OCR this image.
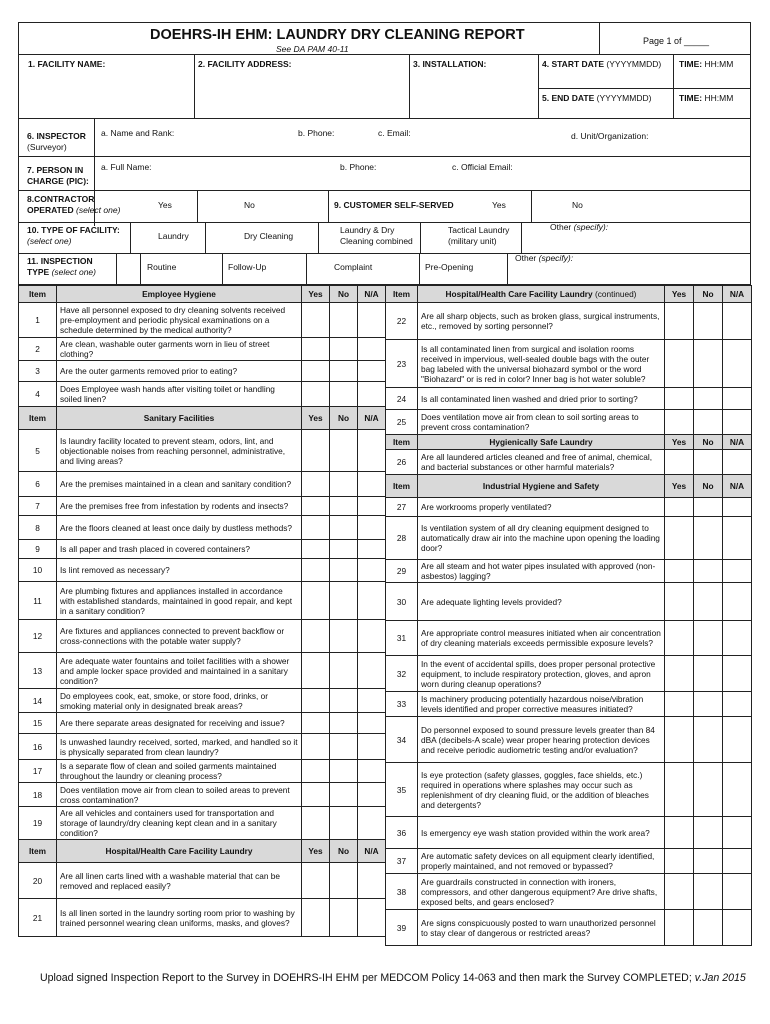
DOEHRS-IH EHM: LAUNDRY DRY CLEANING REPORT
See DA PAM 40-11
Page 1 of _____
1. FACILITY NAME:	2. FACILITY ADDRESS:	3. INSTALLATION:	4. START DATE (YYYYMMDD) TIME: HH:MM
5. END DATE (YYYYMMDD)	TIME: HH:MM
6. INSPECTOR
(Surveyor)
a. Name and Rank:	b. Phone:	c. Email:	d. Unit/Organization:
7. PERSON IN
CHARGE (PIC):
a. Full Name:	b. Phone:	c. Official Email:
8.CONTRACTOR
OPERATED (select one)	Yes	No	9. CUSTOMER SELF-SERVED	Yes	No
10. TYPE OF FACILITY:
(select one)	Laundry	Dry Cleaning
Laundry & Dry
Cleaning combined
Tactical Laundry
(military unit)
Other (specify):
11. INSPECTION
TYPE (select one)	Routine	Follow-Up	Complaint	Pre-Opening
Other (specify):
Item	Employee Hygiene	Yes	No	N/A
1	Have all personnel exposed to dry cleaning solvents received pre-employment and periodic physical examinations on a schedule determined by the medical authority?			
2	Are clean, washable outer garments worn in lieu of street clothing?			
3	Are the outer garments removed prior to eating?			
4	Does Employee wash hands after visiting toilet or handling soiled linen?			
Item	Sanitary Facilities	Yes	No	N/A
5	Is laundry facility located to prevent steam, odors, lint, and objectionable noises from reaching personnel, administrative, and living areas?			
6	Are the premises maintained in a clean and sanitary condition?			
7	Are the premises free from infestation by rodents and insects?			
8	Are the floors cleaned at least once daily by dustless methods?			
9	Is all paper and trash placed in covered containers?			
10	Is lint removed as necessary?			
11	Are plumbing fixtures and appliances installed in accordance with established standards, maintained in good repair, and kept in a sanitary condition?			
12	Are fixtures and appliances connected to prevent backflow or cross-connections with the potable water supply?			
13	Are adequate water fountains and toilet facilities with a shower and ample locker space provided and maintained in a sanitary condition?			
14	Do employees cook, eat, smoke, or store food, drinks, or smoking material only in designated break areas?			
15	Are there separate areas designated for receiving and issue?			
16	Is unwashed laundry received, sorted, marked, and handled so it is physically separated from clean laundry?			
17	Is a separate flow of clean and soiled garments maintained throughout the laundry or cleaning process?			
18	Does ventilation move air from clean to soiled areas to prevent cross contamination?			
19	Are all vehicles and containers used for transportation and storage of laundry/dry cleaning kept clean and in a sanitary condition?			
Item	Hospital/Health Care Facility Laundry	Yes	No	N/A
20	Are all linen carts lined with a washable material that can be removed and replaced easily?			
21	Is all linen sorted in the laundry sorting room prior to washing by trained personnel wearing clean uniforms, masks, and gloves?			
Item	Hospital/Health Care Facility Laundry (continued)	Yes	No	N/A
22	Are all sharp objects, such as broken glass, surgical instruments, etc., removed by sorting personnel?			
23	Is all contaminated linen from surgical and isolation rooms received in impervious, well-sealed double bags with the outer bag labeled with the universal biohazard symbol or the word "Biohazard" or is red in color? Inner bag is hot water soluble?			
24	Is all contaminated linen washed and dried prior to sorting?			
25	Does ventilation move air from clean to soil sorting areas to prevent cross contamination?			
Item	Hygienically Safe Laundry	Yes	No	N/A
26	Are all laundered articles cleaned and free of animal, chemical, and bacterial substances or other harmful materials?			
Item	Industrial Hygiene and Safety	Yes	No	N/A
27	Are workrooms properly ventilated?			
28	Is ventilation system of all dry cleaning equipment designed to automatically draw air into the machine upon opening the loading door?			
29	Are all steam and hot water pipes insulated with approved (non-asbestos) lagging?			
30	Are adequate lighting levels provided?			
31	Are appropriate control measures initiated when air concentration of dry cleaning materials exceeds permissible exposure levels?			
32	In the event of accidental spills, does proper personal protective equipment, to include respiratory protection, gloves, and apron worn during cleanup operations?			
33	Is machinery producing potentially hazardous noise/vibration levels identified and proper corrective measures initiated?			
34	Do personnel exposed to sound pressure levels greater than 84 dBA (decibels-A scale) wear proper hearing protection devices and receive periodic audiometric testing and/or evaluation?			
35	Is eye protection (safety glasses, goggles, face shields, etc.) required in operations where splashes may occur such as replenishment of dry cleaning fluid, or the addition of bleaches and detergents?			
36	Is emergency eye wash station provided within the work area?			
37	Are automatic safety devices on all equipment clearly identified, properly maintained, and not removed or bypassed?			
38	Are guardrails constructed in connection with ironers, compressors, and other dangerous equipment? Are drive shafts, exposed belts, and gears enclosed?			
39	Are signs conspicuously posted to warn unauthorized personnel to stay clear of dangerous or restricted areas?			
Upload signed Inspection Report to the Survey in DOEHRS-IH EHM per MEDCOM Policy 14-063 and then mark the Survey COMPLETED; v.Jan 2015
